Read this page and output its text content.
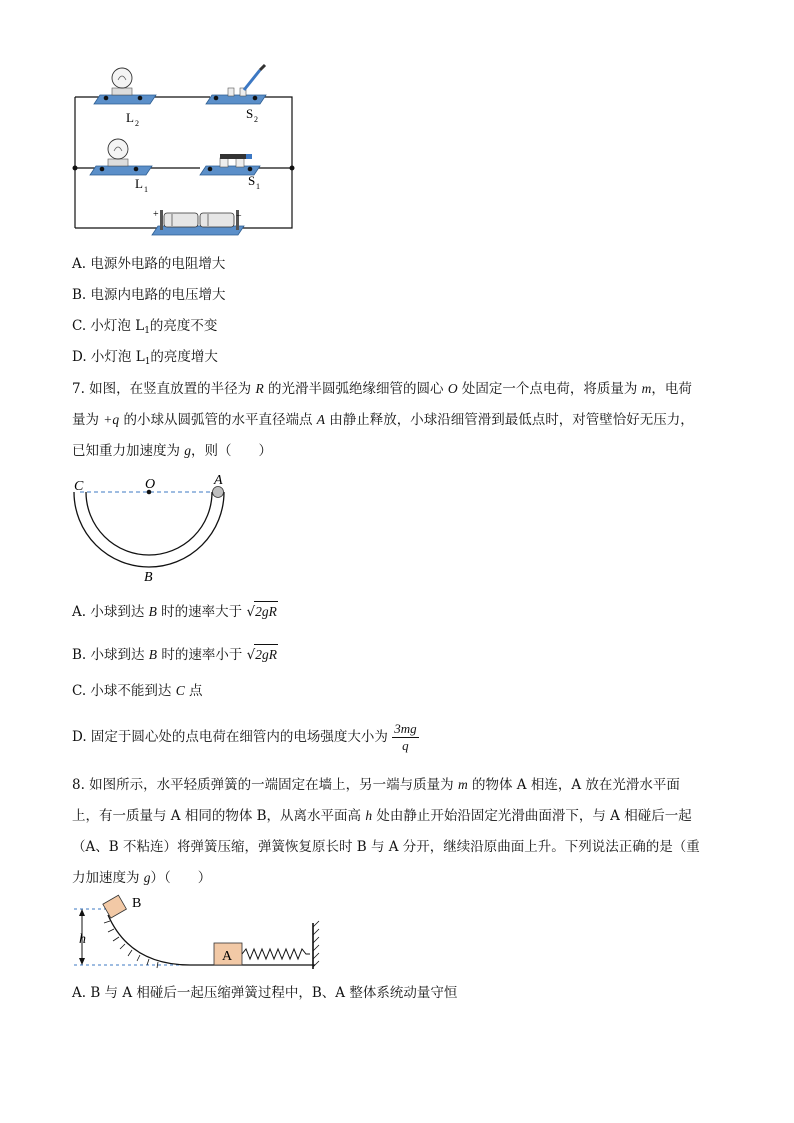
L 2
S 2
L 1
S 1
+	−
A. 电源外电路的电阻增大
B. 电源内电路的电压增大
C. 小灯泡 $L_1$的亮度不变
D. 小灯泡 $L_1$的亮度增大
7. 如图，在竖直放置的半径为 R 的光滑半圆弧绝缘细管的圆心 O 处固定一个点电荷，将质量为 m，电荷
量为 +q 的小球从圆弧管的水平直径端点 A 由静止释放，小球沿细管滑到最低点时，对管壁恰好无压力，
已知重力加速度为 g，则（　　）
C	O	A
B
A. 小球到达 B 时的速率大于 √2gR
B. 小球到达 B 时的速率小于 √2gR
C. 小球不能到达 C 点
D. 固定于圆心处的点电荷在细管内的电场强度大小为 $\frac{3mg}{q}$
8. 如图所示，水平轻质弹簧的一端固定在墙上，另一端与质量为 m 的物体 A 相连，A 放在光滑水平面
上，有一质量与 A 相同的物体 B，从离水平面高 h 处由静止开始沿固定光滑曲面滑下，与 A 相碰后一起
（A、B 不粘连）将弹簧压缩，弹簧恢复原长时 B 与 A 分开，继续沿原曲面上升。下列说法正确的是（重
力加速度为 g）（　　）
h
B
A
A. B 与 A 相碰后一起压缩弹簧过程中，B、A 整体系统动量守恒
